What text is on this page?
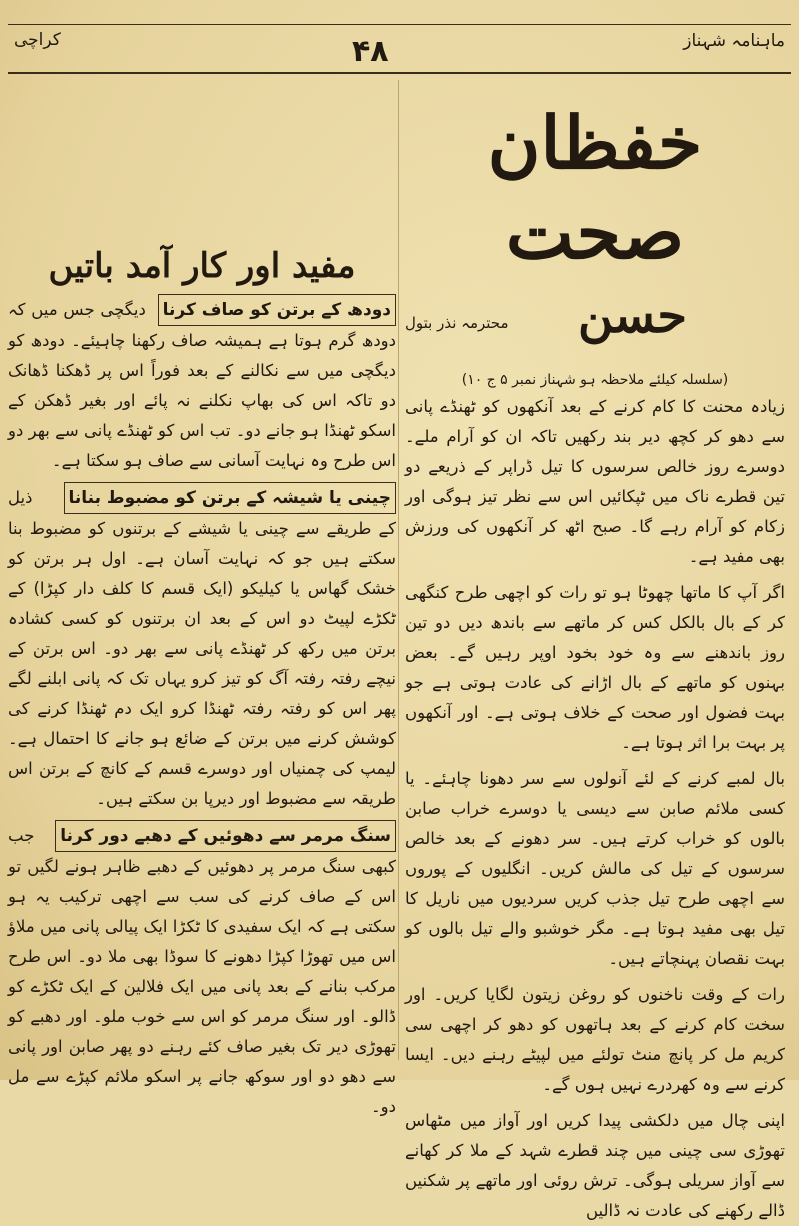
کراچی	۴۸	ماہنامہ شہناز
خفظان صحت
حسن
محترمہ نذر بتول
(سلسلہ کیلئے ملاحظہ ہو شہناز نمبر ۵ ج ۱۰)

زیادہ محنت کا کام کرنے کے بعد آنکھوں کو ٹھنڈے پانی سے دھو کر کچھ دیر بند رکھیں تاکہ ان کو آرام ملے۔ دوسرے روز خالص سرسوں کا تیل ڈراپر کے ذریعے دو تین قطرے ناک میں ٹپکائیں اس سے نظر تیز ہوگی اور زکام کو آرام رہے گا۔ صبح اٹھ کر آنکھوں کی ورزش بھی مفید ہے۔

اگر آپ کا ماتھا چھوٹا ہو تو رات کو اچھی طرح کنگھی کر کے بال بالکل کس کر ماتھے سے باندھ دیں دو تین روز باندھنے سے وہ خود بخود اوپر رہیں گے۔ بعض بہنوں کو ماتھے کے بال اڑانے کی عادت ہوتی ہے جو بہت فضول اور صحت کے خلاف ہوتی ہے۔ اور آنکھوں پر بہت برا اثر ہوتا ہے۔

بال لمبے کرنے کے لئے آنولوں سے سر دھونا چاہئے۔ یا کسی ملائم صابن سے دیسی یا دوسرے خراب صابن بالوں کو خراب کرتے ہیں۔ سر دھونے کے بعد خالص سرسوں کے تیل کی مالش کریں۔ انگلیوں کے پوروں سے اچھی طرح تیل جذب کریں سردیوں میں ناریل کا تیل بھی مفید ہوتا ہے۔ مگر خوشبو والے تیل بالوں کو بہت نقصان پہنچاتے ہیں۔

رات کے وقت ناخنوں کو روغن زیتون لگایا کریں۔ اور سخت کام کرنے کے بعد ہاتھوں کو دھو کر اچھی سی کریم مل کر پانچ منٹ تولئے میں لپیٹے رہنے دیں۔ ایسا کرنے سے وہ کھردرے نہیں ہوں گے۔

اپنی چال میں دلکشی پیدا کریں اور آواز میں مٹھاس تھوڑی سی چینی میں چند قطرے شہد کے ملا کر کھانے سے آواز سریلی ہوگی۔ ترش روئی اور ماتھے پر شکنیں ڈالے رکھنے کی عادت نہ ڈالیں

مفید اور کار آمد باتیں

دودھ کے برتن کو صاف کرنا دیگچی جس میں کہ دودھ گرم ہوتا ہے ہمیشہ صاف رکھنا چاہیئے۔ دودھ کو دیگچی میں سے نکالنے کے بعد فوراً اس پر ڈھکنا ڈھانک دو تاکہ اس کی بھاپ نکلنے نہ پائے اور بغیر ڈھکن کے اسکو ٹھنڈا ہو جانے دو۔ تب اس کو ٹھنڈے پانی سے بھر دو اس طرح وہ نہایت آسانی سے صاف ہو سکتا ہے۔

چینی یا شیشہ کے برتن کو مضبوط بنانا ذیل کے طریقے سے چینی یا شیشے کے برتنوں کو مضبوط بنا سکتے ہیں جو کہ نہایت آسان ہے۔ اول ہر برتن کو خشک گھاس یا کیلیکو (ایک قسم کا کلف دار کپڑا) کے ٹکڑے لپیٹ دو اس کے بعد ان برتنوں کو کسی کشادہ برتن میں رکھ کر ٹھنڈے پانی سے بھر دو۔ اس برتن کے نیچے رفتہ رفتہ آگ کو تیز کرو یہاں تک کہ پانی ابلنے لگے پھر اس کو رفتہ رفتہ ٹھنڈا کرو ایک دم ٹھنڈا کرنے کی کوشش کرنے میں برتن کے ضائع ہو جانے کا احتمال ہے۔ لیمپ کی چمنیاں اور دوسرے قسم کے کانچ کے برتن اس طریقہ سے مضبوط اور دیرپا بن سکتے ہیں۔

سنگ مرمر سے دھوئیں کے دھبے دور کرنا جب کبھی سنگ مرمر پر دھوئیں کے دھبے ظاہر ہونے لگیں تو اس کے صاف کرنے کی سب سے اچھی ترکیب یہ ہو سکتی ہے کہ ایک سفیدی کا ٹکڑا ایک پیالی پانی میں ملاؤ اس میں تھوڑا کپڑا دھونے کا سوڈا بھی ملا دو۔ اس طرح مرکب بنانے کے بعد پانی میں ایک فلالین کے ایک ٹکڑے کو ڈالو۔ اور سنگ مرمر کو اس سے خوب ملو۔ اور دھبے کو تھوڑی دیر تک بغیر صاف کئے رہنے دو پھر صابن اور پانی سے دھو دو اور سوکھ جانے پر اسکو ملائم کپڑے سے مل دو۔
